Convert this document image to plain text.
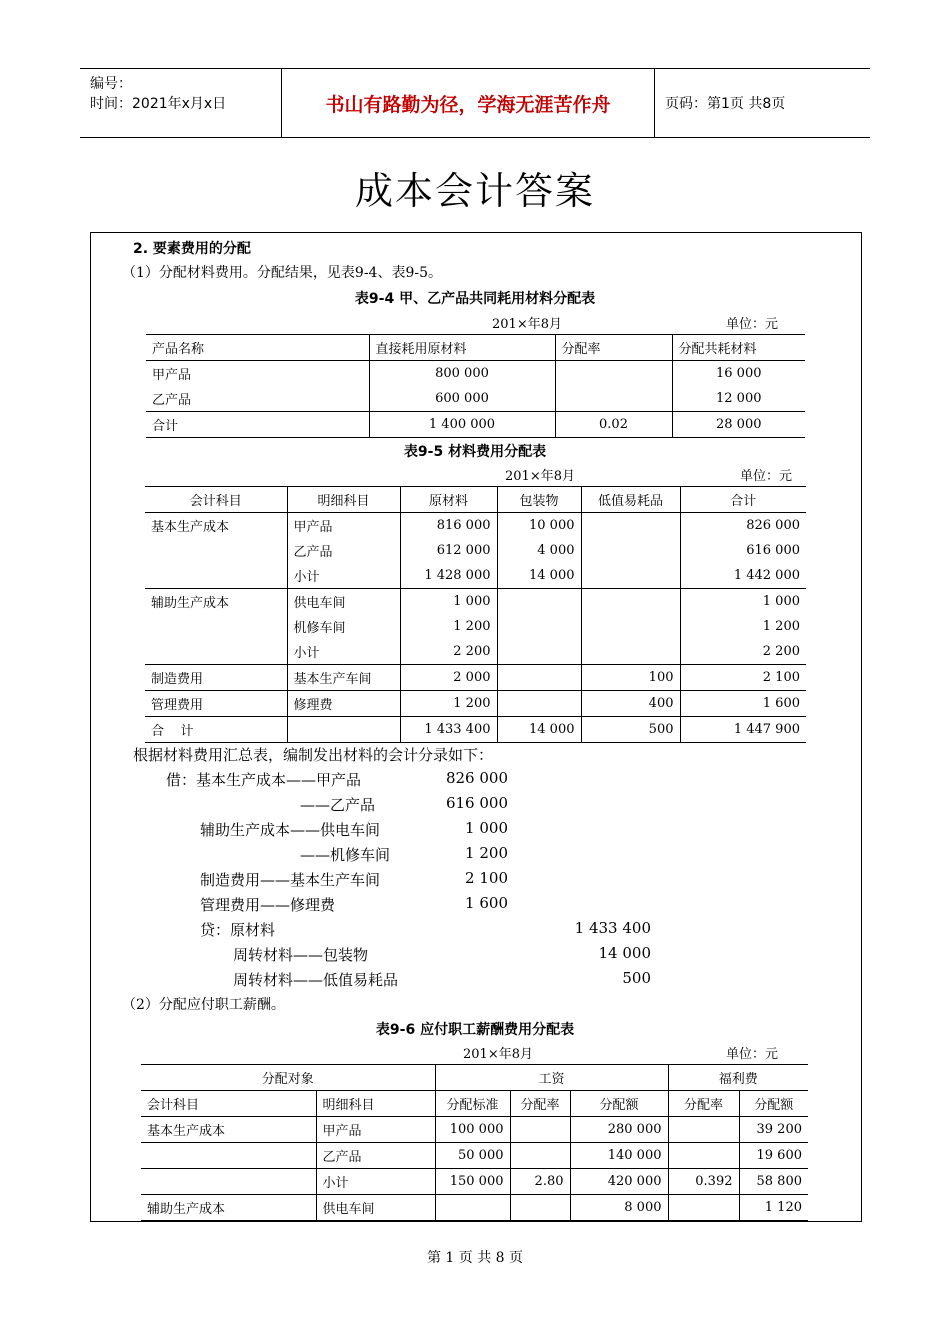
编号：
时间：2021年x月x日	书山有路勤为径，学海无涯苦作舟	页码：第1页 共8页
成本会计答案
2. 要素费用的分配
（1）分配材料费用。分配结果，见表9-4、表9-5。
表9-4 甲、乙产品共同耗用材料分配表
201×年8月	单位：元
产品名称	直接耗用原材料	分配率	分配共耗材料
甲产品	800 000		16 000
乙产品	600 000		12 000
合计	1 400 000	0.02	28 000
表9-5 材料费用分配表
201×年8月	单位：元
会计科目	明细科目	原材料	包装物	低值易耗品	合计
基本生产成本	甲产品	816 000	10 000		826 000
	乙产品	612 000	4 000		616 000
	小计	1 428 000	14 000		1 442 000
辅助生产成本	供电车间	1 000			1 000
	机修车间	1 200			1 200
	小计	2 200			2 200
制造费用	基本生产车间	2 000		100	2 100
管理费用	修理费	1 200		400	1 600
合    计		1 433 400	14 000	500	1 447 900
根据材料费用汇总表，编制发出材料的会计分录如下：
借：基本生产成本——甲产品	826 000
——乙产品	616 000
辅助生产成本——供电车间	1 000
——机修车间	1 200
制造费用——基本生产车间	2 100
管理费用——修理费	1 600
贷：原材料	1 433 400
周转材料——包装物	14 000
周转材料——低值易耗品	500
（2）分配应付职工薪酬。
表9-6 应付职工薪酬费用分配表
201×年8月	单位：元
分配对象		工资			福利费	
会计科目	明细科目	分配标准	分配率	分配额	分配率	分配额
基本生产成本	甲产品	100 000		280 000		39 200
	乙产品	50 000		140 000		19 600
	小计	150 000	2.80	420 000	0.392	58 800
辅助生产成本	供电车间			8 000		1 120
第 1 页 共 8 页
